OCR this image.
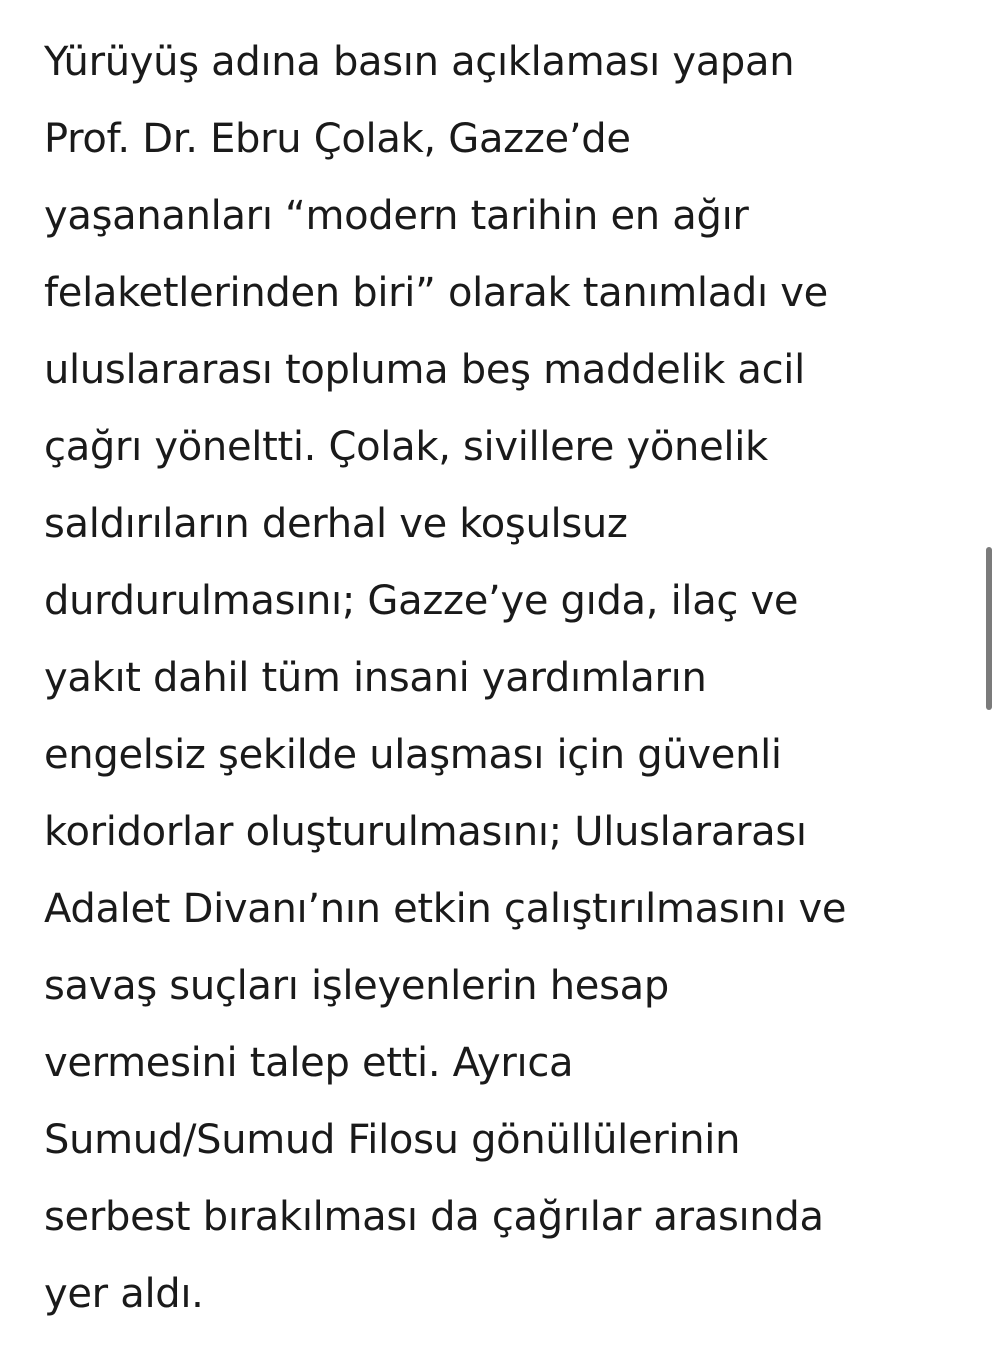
Yürüyüş adına basın açıklaması yapan
Prof. Dr. Ebru Çolak, Gazze’de
yaşananları “modern tarihin en ağır
felaketlerinden biri” olarak tanımladı ve
uluslararası topluma beş maddelik acil
çağrı yöneltti. Çolak, sivillere yönelik
saldırıların derhal ve koşulsuz
durdurulmasını; Gazze’ye gıda, ilaç ve
yakıt dahil tüm insani yardımların
engelsiz şekilde ulaşması için güvenli
koridorlar oluşturulmasını; Uluslararası
Adalet Divanı’nın etkin çalıştırılmasını ve
savaş suçları işleyenlerin hesap
vermesini talep etti. Ayrıca
Sumud/Sumud Filosu gönüllülerinin
serbest bırakılması da çağrılar arasında
yer aldı.
